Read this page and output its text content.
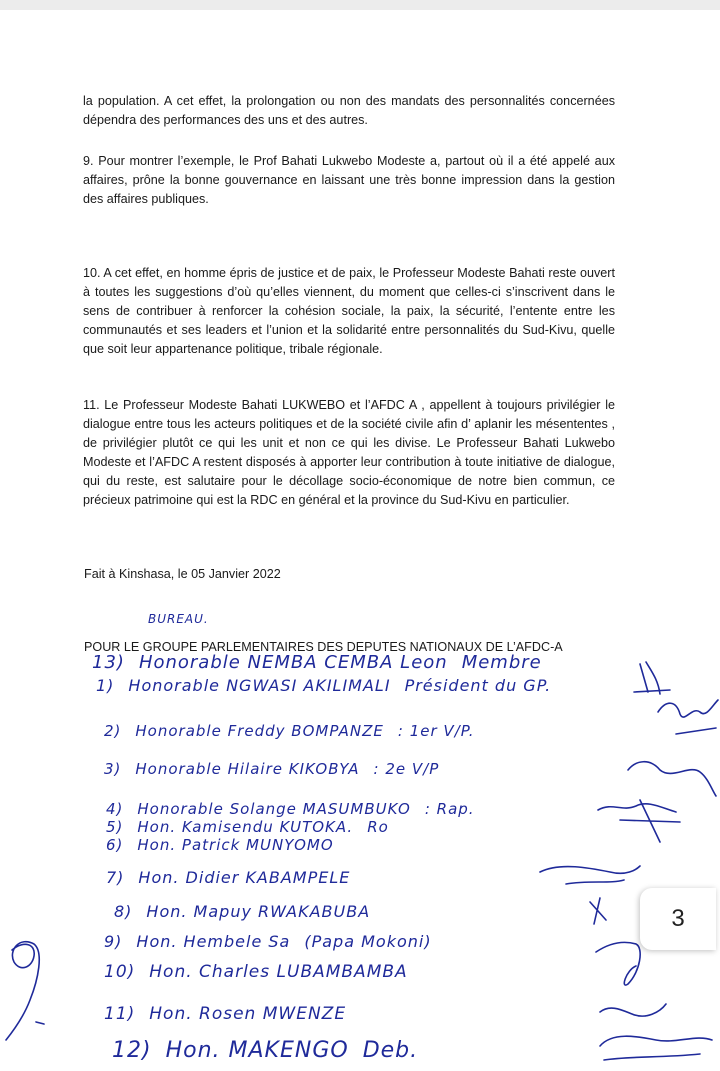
la population. A cet effet, la prolongation ou non des mandats des personnalités concernées dépendra des performances des uns et des autres.

9. Pour montrer l’exemple, le Prof Bahati Lukwebo Modeste a, partout où il a été appelé aux affaires, prône la bonne gouvernance en laissant une très bonne impression dans la gestion des affaires publiques.

10. A cet effet, en homme épris de justice et de paix, le Professeur Modeste Bahati reste ouvert à toutes les suggestions d’où qu’elles viennent, du moment que celles-ci s’inscrivent dans le sens de contribuer à renforcer la cohésion sociale, la paix, la sécurité, l’entente entre les communautés et ses leaders et l’union et la solidarité entre personnalités du Sud-Kivu, quelle que soit leur appartenance politique, tribale régionale.

11. Le Professeur Modeste Bahati LUKWEBO et l’AFDC A , appellent à toujours privilégier le dialogue entre tous les acteurs politiques et de la société civile afin d’ aplanir les mésententes , de privilégier plutôt ce qui les unit et non ce qui les divise. Le Professeur Bahati Lukwebo Modeste et l’AFDC A restent disposés à apporter leur contribution à toute initiative de dialogue, qui du reste, est salutaire pour le décollage socio-économique de notre bien commun, ce précieux patrimoine qui est la RDC en général et la province du Sud-Kivu en particulier.

Fait à Kinshasa, le 05 Janvier 2022

BUREAU.

POUR LE GROUPE PARLEMENTAIRES DES DEPUTES NATIONAUX DE L’AFDC-A

13) Honorable NEMBA CEMBA Leon Membre
1) Honorable NGWASI AKILIMALI Président du GP.
2) Honorable Freddy BOMPANZE : 1er V/P.
3) Honorable Hilaire KIKOBYA : 2e V/P
4) Honorable Solange MASUMBUKO : Rap.
5) Hon. Kamisendu KUTOKA. Ro
6) Hon. Patrick MUNYOMO
7) Hon. Didier KABAMPELE
8) Hon. Mapuy RWAKABUBA
9) Hon. Hembele Sa (Papa Mokoni)
10) Hon. Charles LUBAMBAMBA
11) Hon. Rosen MWENZE
12) Hon. MAKENGO Deb.
3
